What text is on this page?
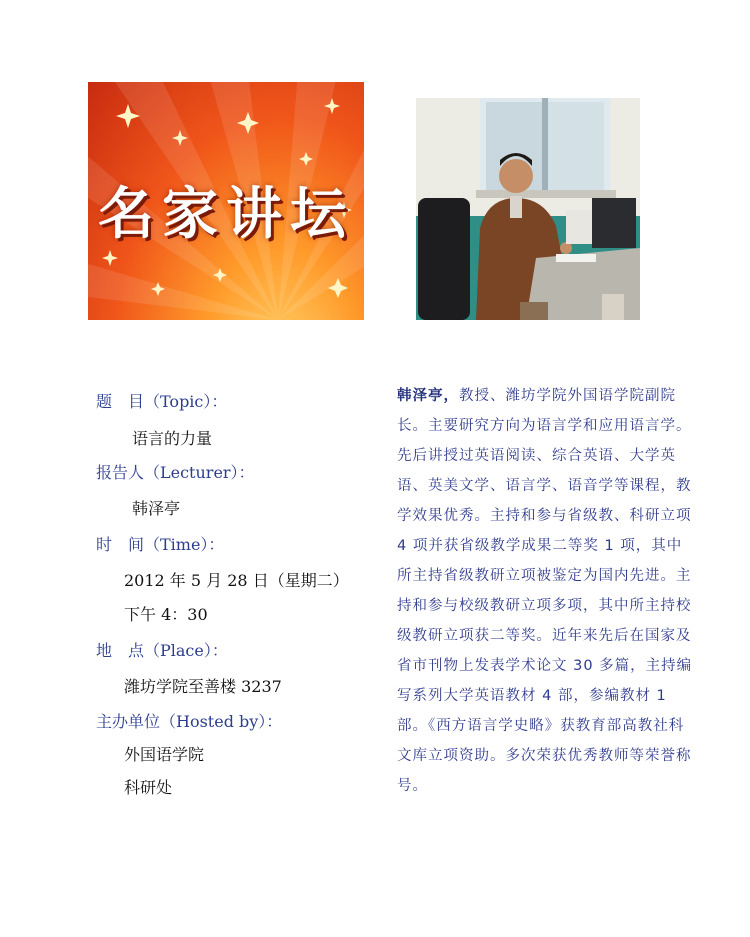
名家讲坛
题　目（Topic）：
语言的力量
报告人（Lecturer）：
韩泽亭
时　间（Time）：
2012 年 5 月 28 日（星期二）
下午 4：30
地　点（Place）：
潍坊学院至善楼 3237
主办单位（Hosted by）：
外国语学院
科研处
韩泽亭，教授、潍坊学院外国语学院副院长。主要研究方向为语言学和应用语言学。先后讲授过英语阅读、综合英语、大学英语、英美文学、语言学、语音学等课程，教学效果优秀。主持和参与省级教、科研立项 4 项并获省级教学成果二等奖 1 项，其中所主持省级教研立项被鉴定为国内先进。主持和参与校级教研立项多项，其中所主持校级教研立项获二等奖。近年来先后在国家及省市刊物上发表学术论文 30 多篇，主持编写系列大学英语教材 4 部，参编教材 1 部。《西方语言学史略》获教育部高教社科文库立项资助。多次荣获优秀教师等荣誉称号。
